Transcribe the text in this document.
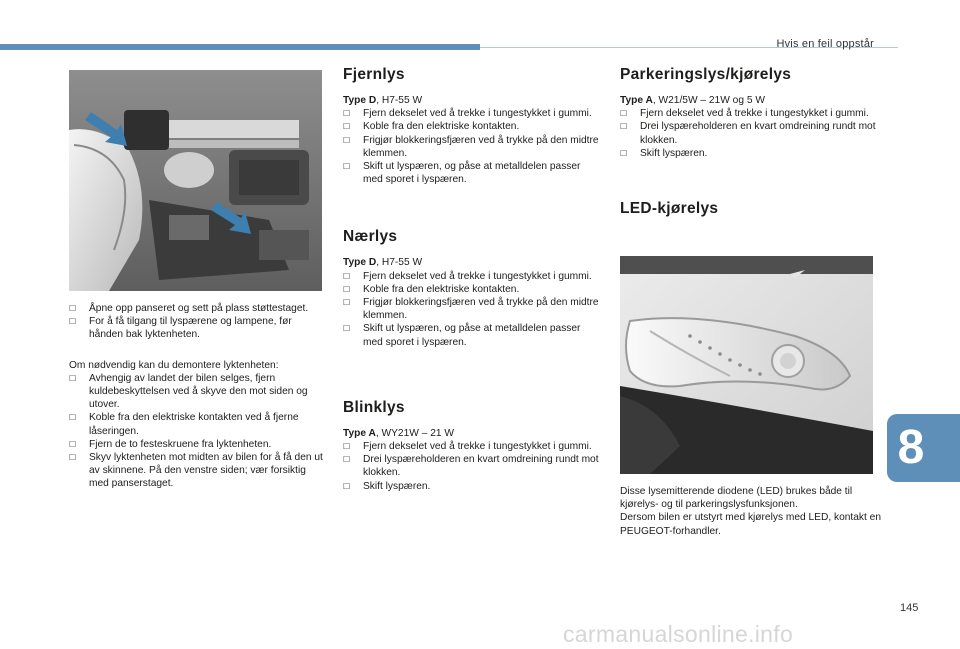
Hvis en feil oppstår
☐ Åpne opp panseret og sett på plass støttestaget.
☐ For å få tilgang til lyspærene og lampene, før hånden bak lyktenheten.

Om nødvendig kan du demontere lyktenheten:

☐ Avhengig av landet der bilen selges, fjern kuldebeskyttelsen ved å skyve den mot siden og utover.
☐ Koble fra den elektriske kontakten ved å fjerne låseringen.
☐ Fjern de to festeskruene fra lyktenheten.
☐ Skyv lyktenheten mot midten av bilen for å få den ut av skinnene. På den venstre siden; vær forsiktig med panserstaget.
Fjernlys

Type D, H7-55 W

☐ Fjern dekselet ved å trekke i tungestykket i gummi.
☐ Koble fra den elektriske kontakten.
☐ Frigjør blokkeringsfjæren ved å trykke på den midtre klemmen.
☐ Skift ut lyspæren, og påse at metalldelen passer med sporet i lyspæren.
Nærlys

Type D, H7-55 W

☐ Fjern dekselet ved å trekke i tungestykket i gummi.
☐ Koble fra den elektriske kontakten.
☐ Frigjør blokkeringsfjæren ved å trykke på den midtre klemmen.
☐ Skift ut lyspæren, og påse at metalldelen passer med sporet i lyspæren.
Blinklys

Type A, WY21W – 21 W

☐ Fjern dekselet ved å trekke i tungestykket i gummi.
☐ Drei lyspæreholderen en kvart omdreining rundt mot klokken.
☐ Skift lyspæren.
Parkeringslys/kjørelys

Type A, W21/5W – 21W og 5 W

☐ Fjern dekselet ved å trekke i tungestykket i gummi.
☐ Drei lyspæreholderen en kvart omdreining rundt mot klokken.
☐ Skift lyspæren.
LED-kjørelys

Disse lysemitterende diodene (LED) brukes både til kjørelys- og til parkeringslysfunksjonen.

Dersom bilen er utstyrt med kjørelys med LED, kontakt en PEUGEOT-forhandler.

8
145
carmanualsonline.info
